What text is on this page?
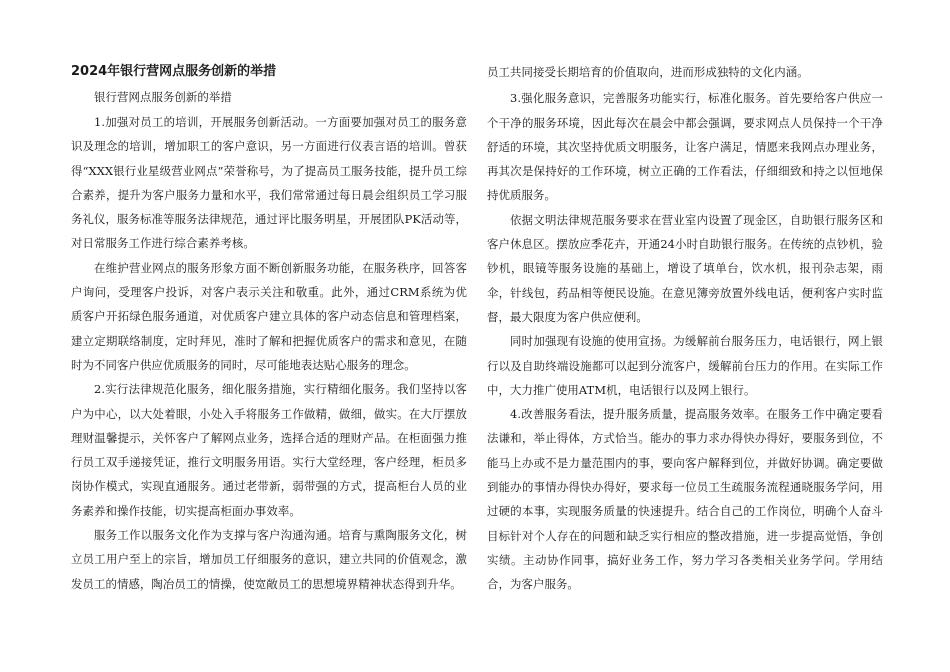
2024年银行营网点服务创新的举措

银行营网点服务创新的举措

1.加强对员工的培训，开展服务创新活动。一方面要加强对员工的服务意识及理念的培训，增加职工的客户意识，另一方面进行仪表言语的培训。曾获得“XXX银行业星级营业网点”荣誉称号，为了提高员工服务技能，提升员工综合素养，提升为客户服务力量和水平，我们常常通过每日晨会组织员工学习服务礼仪，服务标准等服务法律规范，通过评比服务明星，开展团队PK活动等，对日常服务工作进行综合素养考核。

在维护营业网点的服务形象方面不断创新服务功能，在服务秩序，回答客户询问，受理客户投诉，对客户表示关注和敬重。此外，通过CRM系统为优质客户开拓绿色服务通道，对优质客户建立具体的客户动态信息和管理档案，建立定期联络制度，定时拜见，准时了解和把握优质客户的需求和意见，在随时为不同客户供应优质服务的同时，尽可能地表达贴心服务的理念。

2.实行法律规范化服务，细化服务措施，实行精细化服务。我们坚持以客户为中心，以大处着眼，小处入手将服务工作做精，做细，做实。在大厅摆放理财温馨提示，关怀客户了解网点业务，选择合适的理财产品。在柜面强力推行员工双手递接凭证，推行文明服务用语。实行大堂经理，客户经理，柜员多岗协作模式，实现直通服务。通过老带新，弱带强的方式，提高柜台人员的业务素养和操作技能，切实提高柜面办事效率。

服务工作以服务文化作为支撑与客户沟通沟通。培育与熏陶服务文化，树立员工用户至上的宗旨，增加员工仔细服务的意识，建立共同的价值观念，激发员工的情感，陶冶员工的情操，使宽敞员工的思想境界精神状态得到升华。

员工共同接受长期培育的价值取向，进而形成独特的文化内涵。

3.强化服务意识，完善服务功能实行，标准化服务。首先要给客户供应一个干净的服务环境，因此每次在晨会中都会强调，要求网点人员保持一个干净舒适的环境，其次坚持优质文明服务，让客户满足，情愿来我网点办理业务，再其次是保持好的工作环境，树立正确的工作看法，仔细细致和持之以恒地保持优质服务。

依据文明法律规范服务要求在营业室内设置了现金区，自助银行服务区和客户休息区。摆放应季花卉，开通24小时自助银行服务。在传统的点钞机，验钞机，眼镜等服务设施的基础上，增设了填单台，饮水机，报刊杂志架，雨伞，针线包，药品相等便民设施。在意见簿旁放置外线电话，便利客户实时监督，最大限度为客户供应便利。

同时加强现有设施的使用宣扬。为缓解前台服务压力，电话银行，网上银行以及自助终端设施都可以起到分流客户，缓解前台压力的作用。在实际工作中，大力推广使用ATM机，电话银行以及网上银行。

4.改善服务看法，提升服务质量，提高服务效率。在服务工作中确定要看法谦和，举止得体，方式恰当。能办的事力求办得快办得好，要服务到位，不能马上办或不是力量范围内的事，要向客户解释到位，并做好协调。确定要做到能办的事情办得快办得好，要求每一位员工生疏服务流程通晓服务学问，用过硬的本事，实现服务质量的快速提升。结合自己的工作岗位，明确个人奋斗目标针对个人存在的问题和缺乏实行相应的整改措施，进一步提高觉悟，争创实绩。主动协作同事，搞好业务工作，努力学习各类相关业务学问。学用结合，为客户服务。
